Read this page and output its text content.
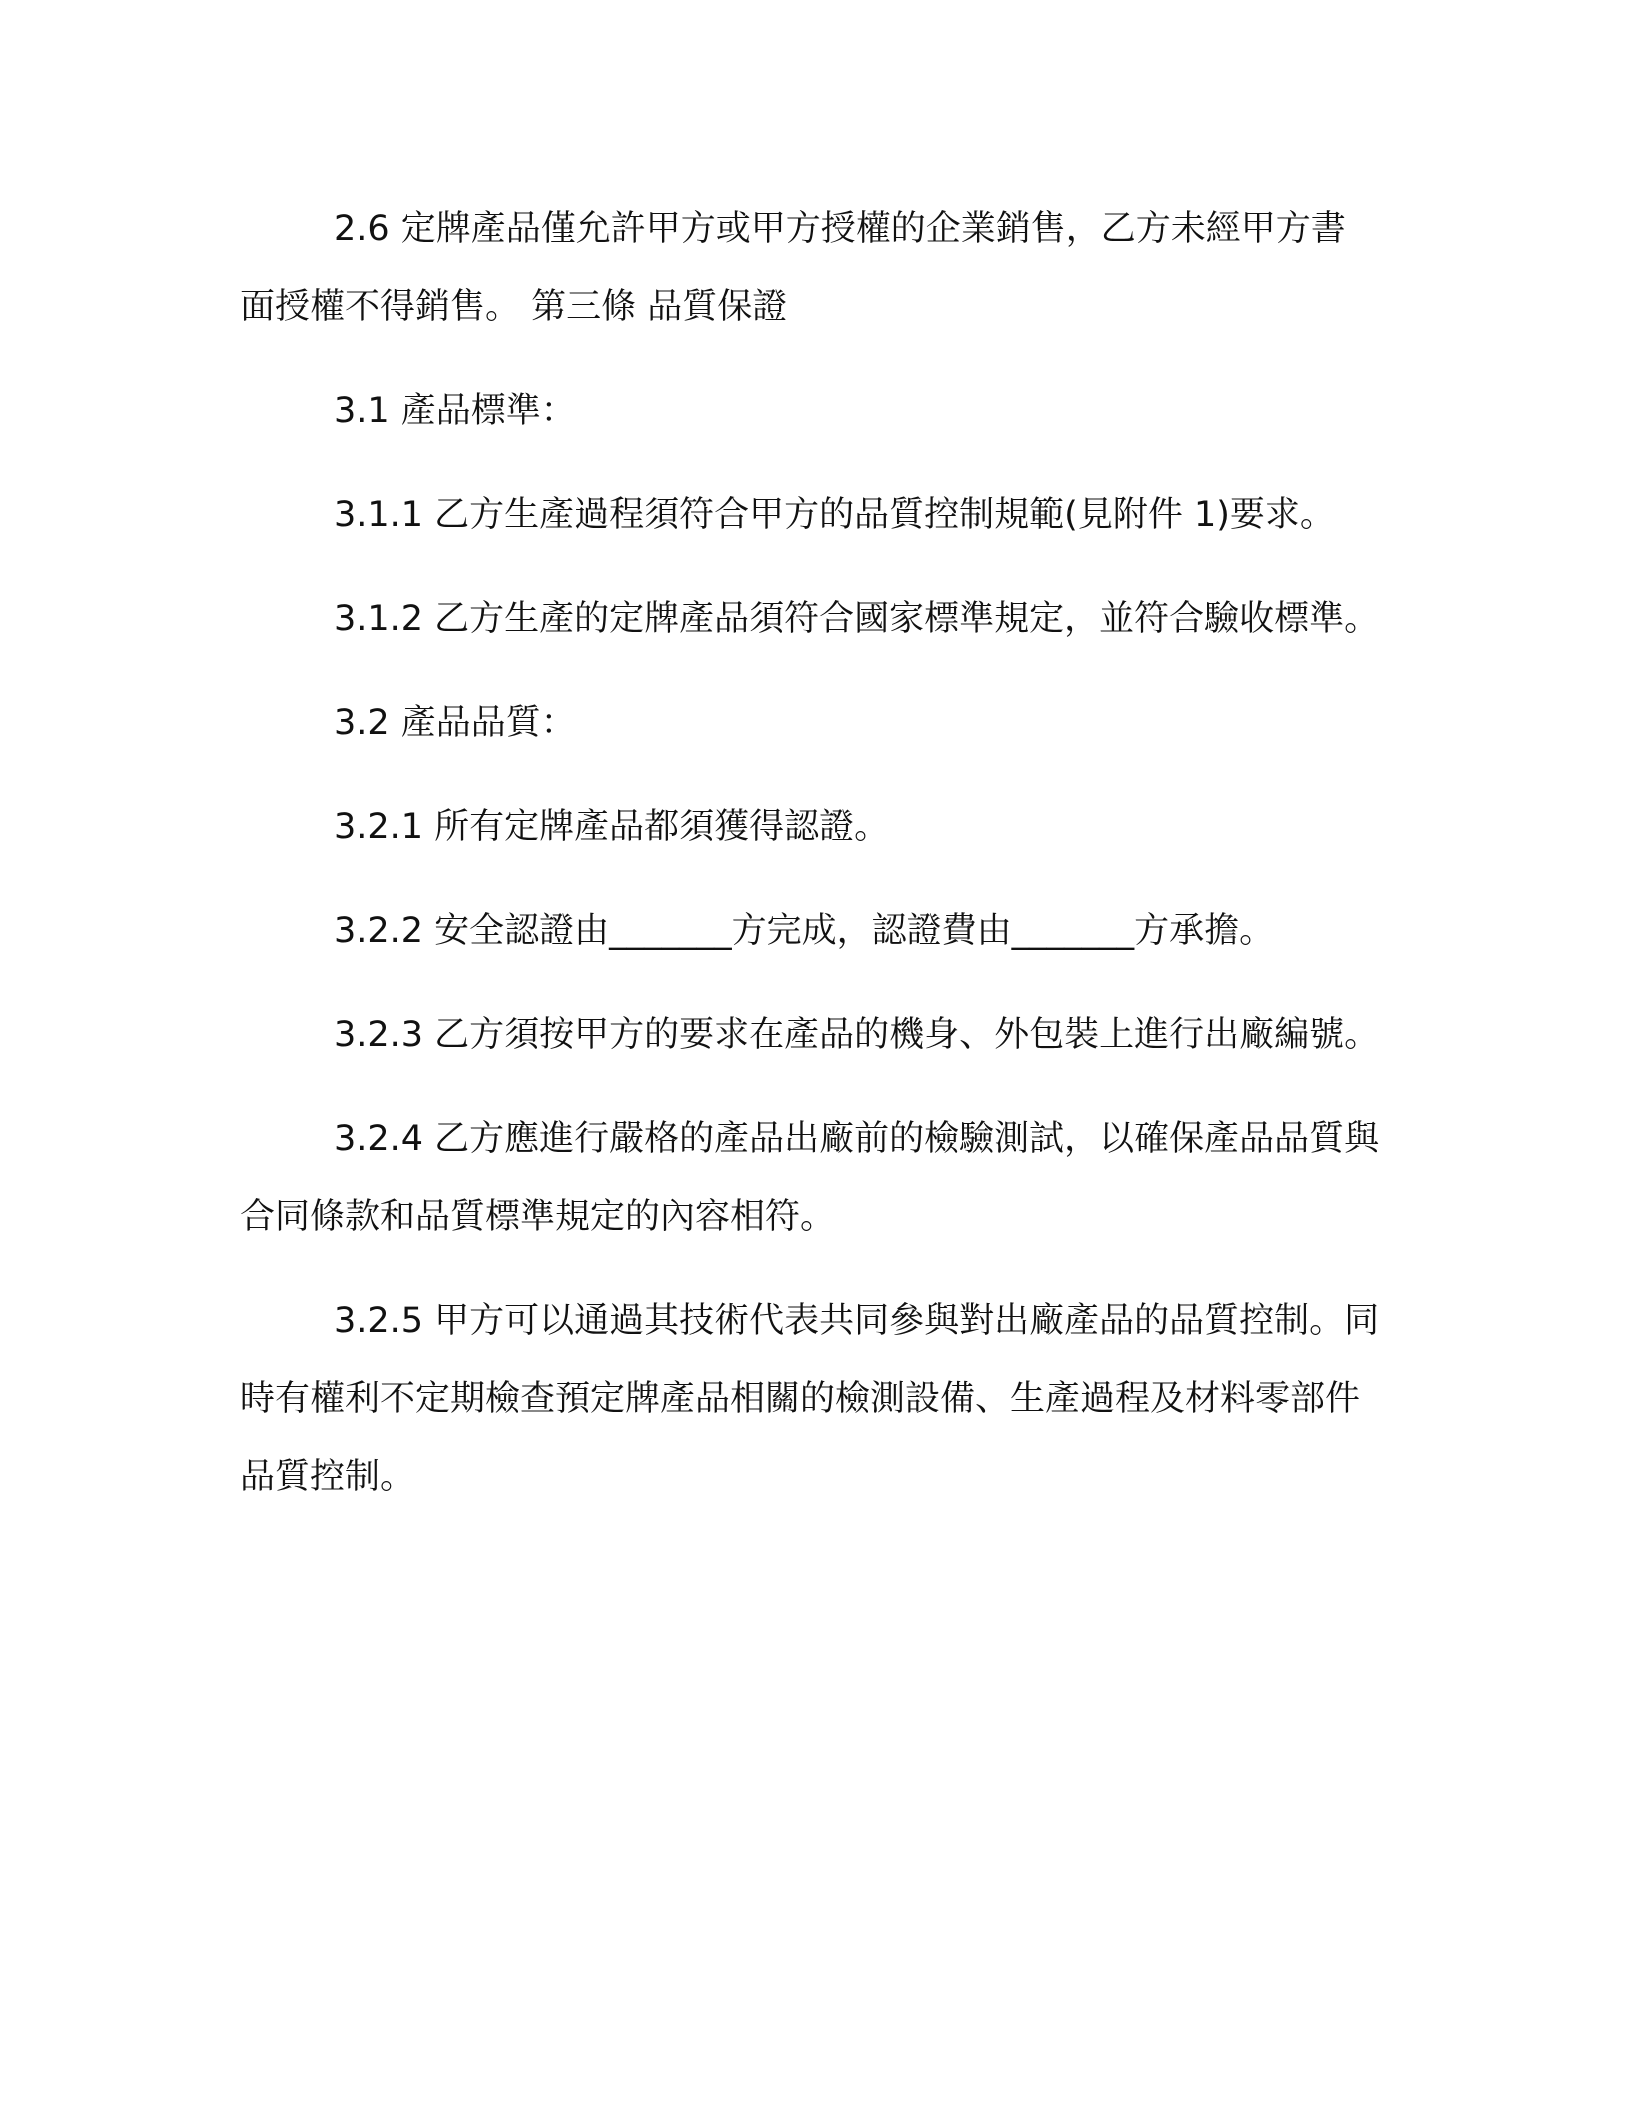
2.6 定牌產品僅允許甲方或甲方授權的企業銷售，乙方未經甲方書面授權不得銷售。 第三條 品質保證

3.1 產品標準：

3.1.1 乙方生產過程須符合甲方的品質控制規範(見附件 1)要求。

3.1.2 乙方生產的定牌產品須符合國家標準規定，並符合驗收標準。

3.2 產品品質：

3.2.1 所有定牌產品都須獲得認證。

3.2.2 安全認證由_______方完成，認證費由_______方承擔。

3.2.3 乙方須按甲方的要求在產品的機身、外包裝上進行出廠編號。

3.2.4 乙方應進行嚴格的產品出廠前的檢驗測試，以確保產品品質與合同條款和品質標準規定的內容相符。

3.2.5 甲方可以通過其技術代表共同參與對出廠產品的品質控制。同時有權利不定期檢查預定牌產品相關的檢測設備、生產過程及材料零部件品質控制。
